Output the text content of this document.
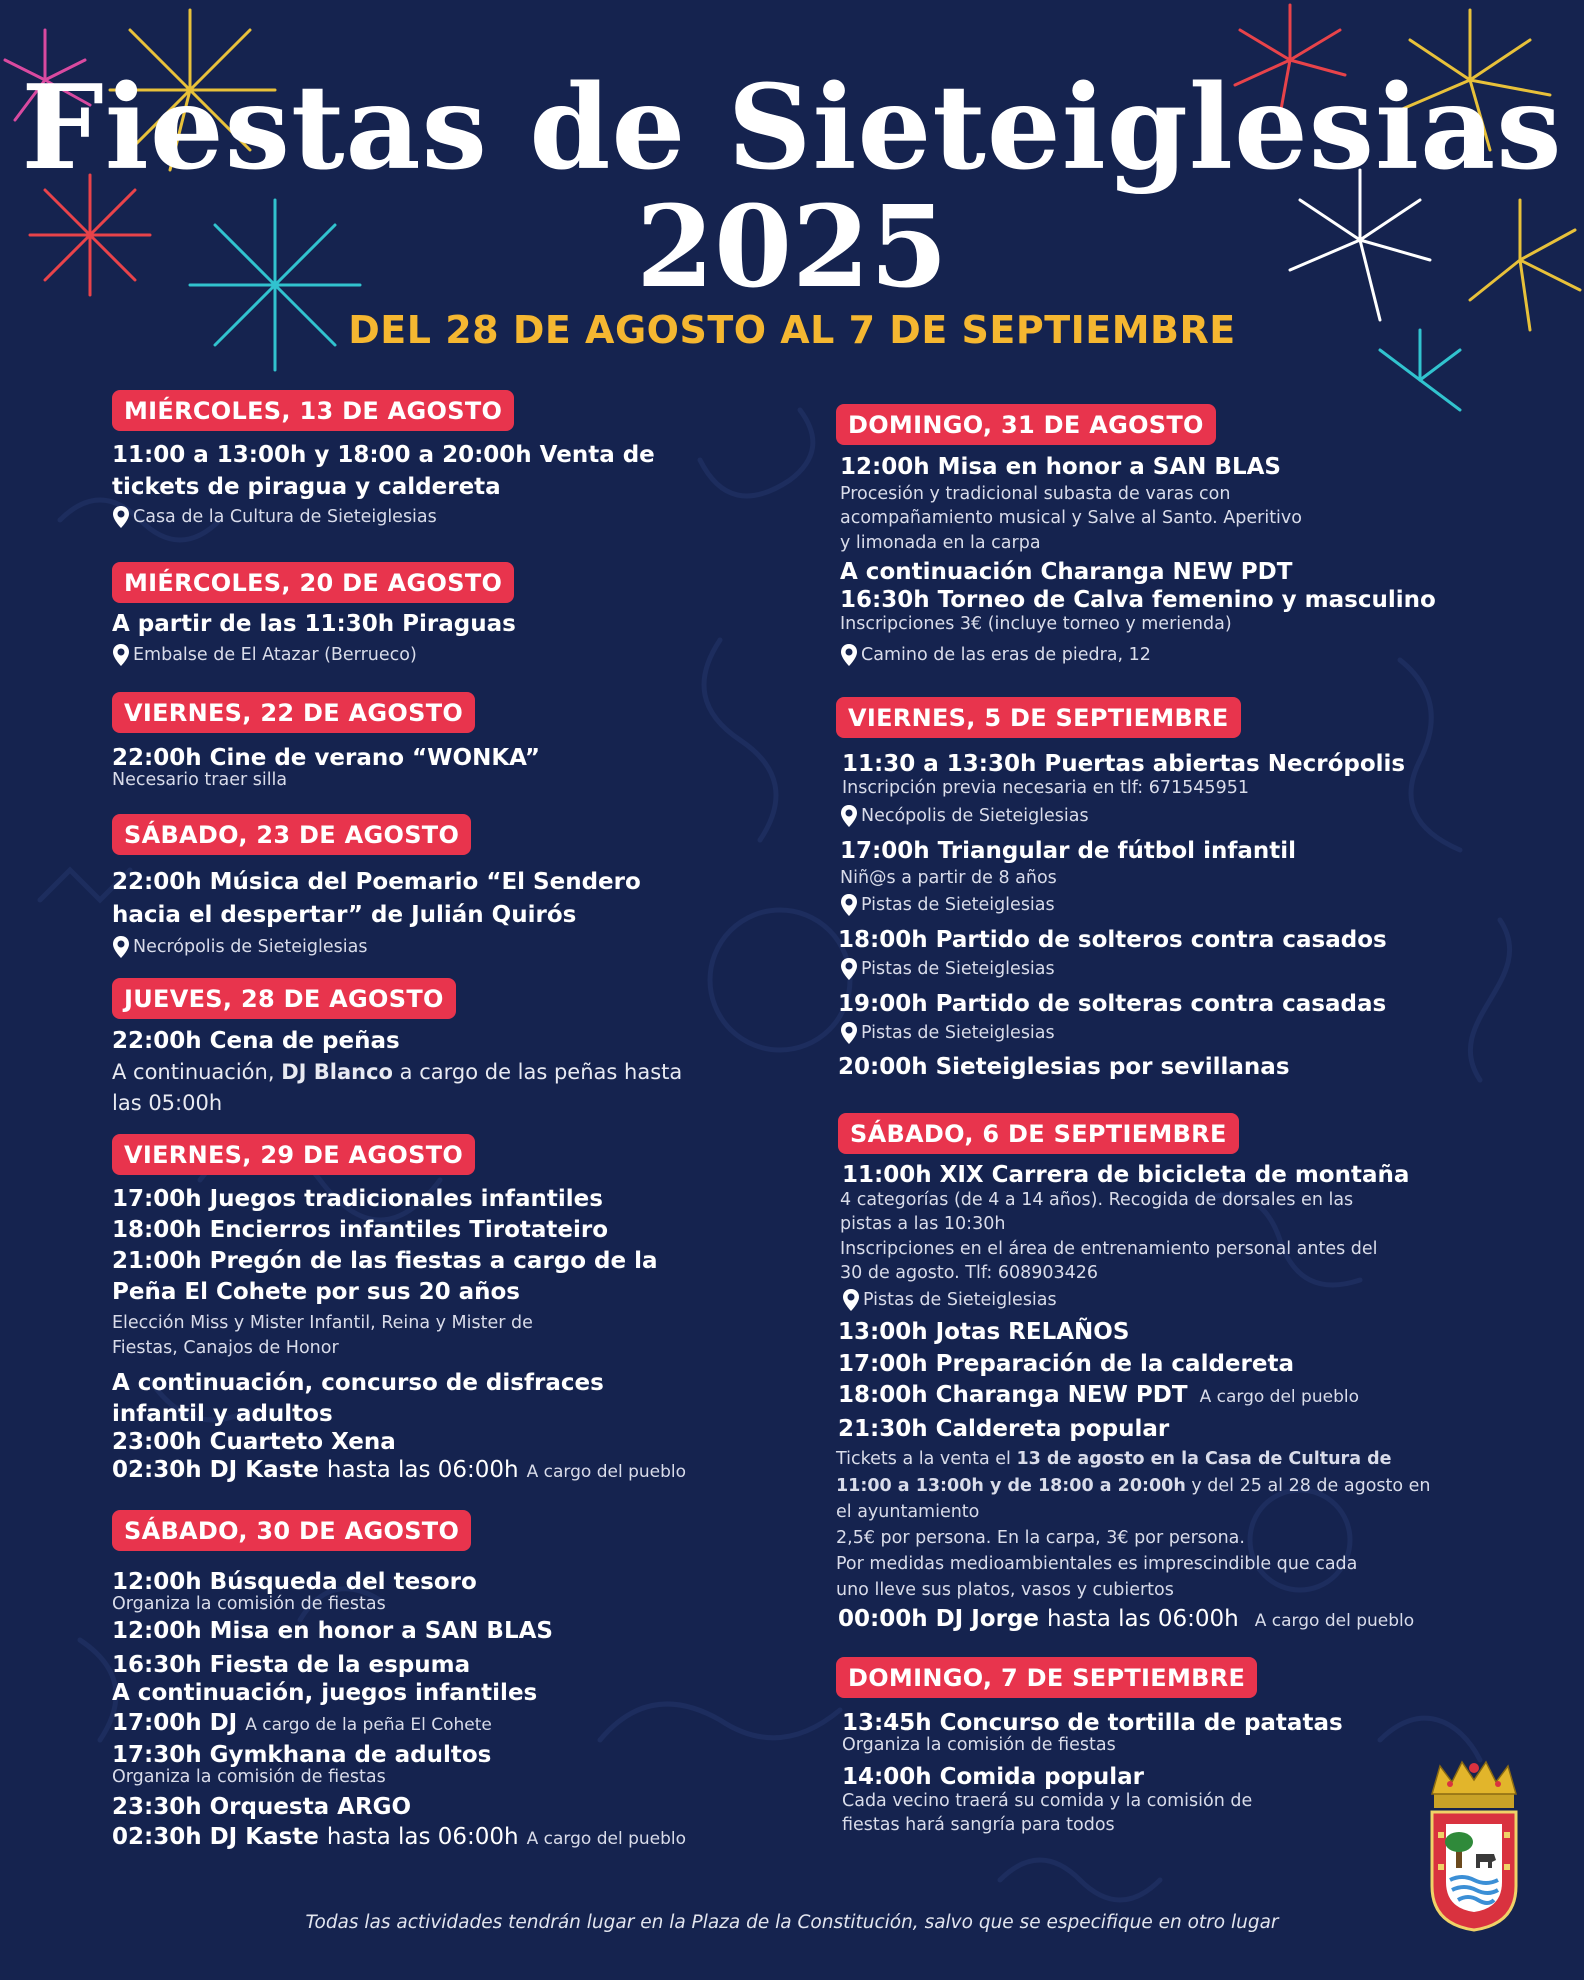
Fiestas de Sieteiglesias
2025
DEL 28 DE AGOSTO AL 7 DE SEPTIEMBRE
MIÉRCOLES, 13 DE AGOSTO
11:00 a 13:00h y 18:00 a 20:00h Venta de
tickets de piragua y caldereta
Casa de la Cultura de Sieteiglesias
MIÉRCOLES, 20 DE AGOSTO
A partir de las 11:30h Piraguas
Embalse de El Atazar (Berrueco)
VIERNES, 22 DE AGOSTO
22:00h Cine de verano “WONKA”
Necesario traer silla
SÁBADO, 23 DE AGOSTO
22:00h Música del Poemario “El Sendero
hacia el despertar” de Julián Quirós
Necrópolis de Sieteiglesias
JUEVES, 28 DE AGOSTO
22:00h Cena de peñas
A continuación, DJ Blanco a cargo de las peñas hasta
las 05:00h
VIERNES, 29 DE AGOSTO
17:00h Juegos tradicionales infantiles
18:00h Encierros infantiles Tirotateiro
21:00h Pregón de las fiestas a cargo de la
Peña El Cohete por sus 20 años
Elección Miss y Mister Infantil, Reina y Mister de
Fiestas, Canajos de Honor
A continuación, concurso de disfraces
infantil y adultos
23:00h Cuarteto Xena
02:30h DJ Kaste hasta las 06:00h A cargo del pueblo
SÁBADO, 30 DE AGOSTO
12:00h Búsqueda del tesoro
Organiza la comisión de fiestas
12:00h Misa en honor a SAN BLAS
16:30h Fiesta de la espuma
A continuación, juegos infantiles
17:00h DJ A cargo de la peña El Cohete
17:30h Gymkhana de adultos
Organiza la comisión de fiestas
23:30h Orquesta ARGO
02:30h DJ Kaste hasta las 06:00h A cargo del pueblo
DOMINGO, 31 DE AGOSTO
12:00h Misa en honor a SAN BLAS
Procesión y tradicional subasta de varas con
acompañamiento musical y Salve al Santo. Aperitivo
y limonada en la carpa
A continuación Charanga NEW PDT
16:30h Torneo de Calva femenino y masculino
Inscripciones 3€ (incluye torneo y merienda)
Camino de las eras de piedra, 12
VIERNES, 5 DE SEPTIEMBRE
11:30 a 13:30h Puertas abiertas Necrópolis
Inscripción previa necesaria en tlf: 671545951
Necópolis de Sieteiglesias
17:00h Triangular de fútbol infantil
Niñ@s a partir de 8 años
Pistas de Sieteiglesias
18:00h Partido de solteros contra casados
Pistas de Sieteiglesias
19:00h Partido de solteras contra casadas
Pistas de Sieteiglesias
20:00h Sieteiglesias por sevillanas
SÁBADO, 6 DE SEPTIEMBRE
11:00h XIX Carrera de bicicleta de montaña
4 categorías (de 4 a 14 años). Recogida de dorsales en las
pistas a las 10:30h
Inscripciones en el área de entrenamiento personal antes del
30 de agosto. Tlf: 608903426
Pistas de Sieteiglesias
13:00h Jotas RELAÑOS
17:00h Preparación de la caldereta
18:00h Charanga NEW PDT A cargo del pueblo
21:30h Caldereta popular
Tickets a la venta el 13 de agosto en la Casa de Cultura de
11:00 a 13:00h y de 18:00 a 20:00h y del 25 al 28 de agosto en
el ayuntamiento
2,5€ por persona. En la carpa, 3€ por persona.
Por medidas medioambientales es imprescindible que cada
uno lleve sus platos, vasos y cubiertos
00:00h DJ Jorge hasta las 06:00h A cargo del pueblo
DOMINGO, 7 DE SEPTIEMBRE
13:45h Concurso de tortilla de patatas
Organiza la comisión de fiestas
14:00h Comida popular
Cada vecino traerá su comida y la comisión de
fiestas hará sangría para todos
Todas las actividades tendrán lugar en la Plaza de la Constitución, salvo que se especifique en otro lugar
